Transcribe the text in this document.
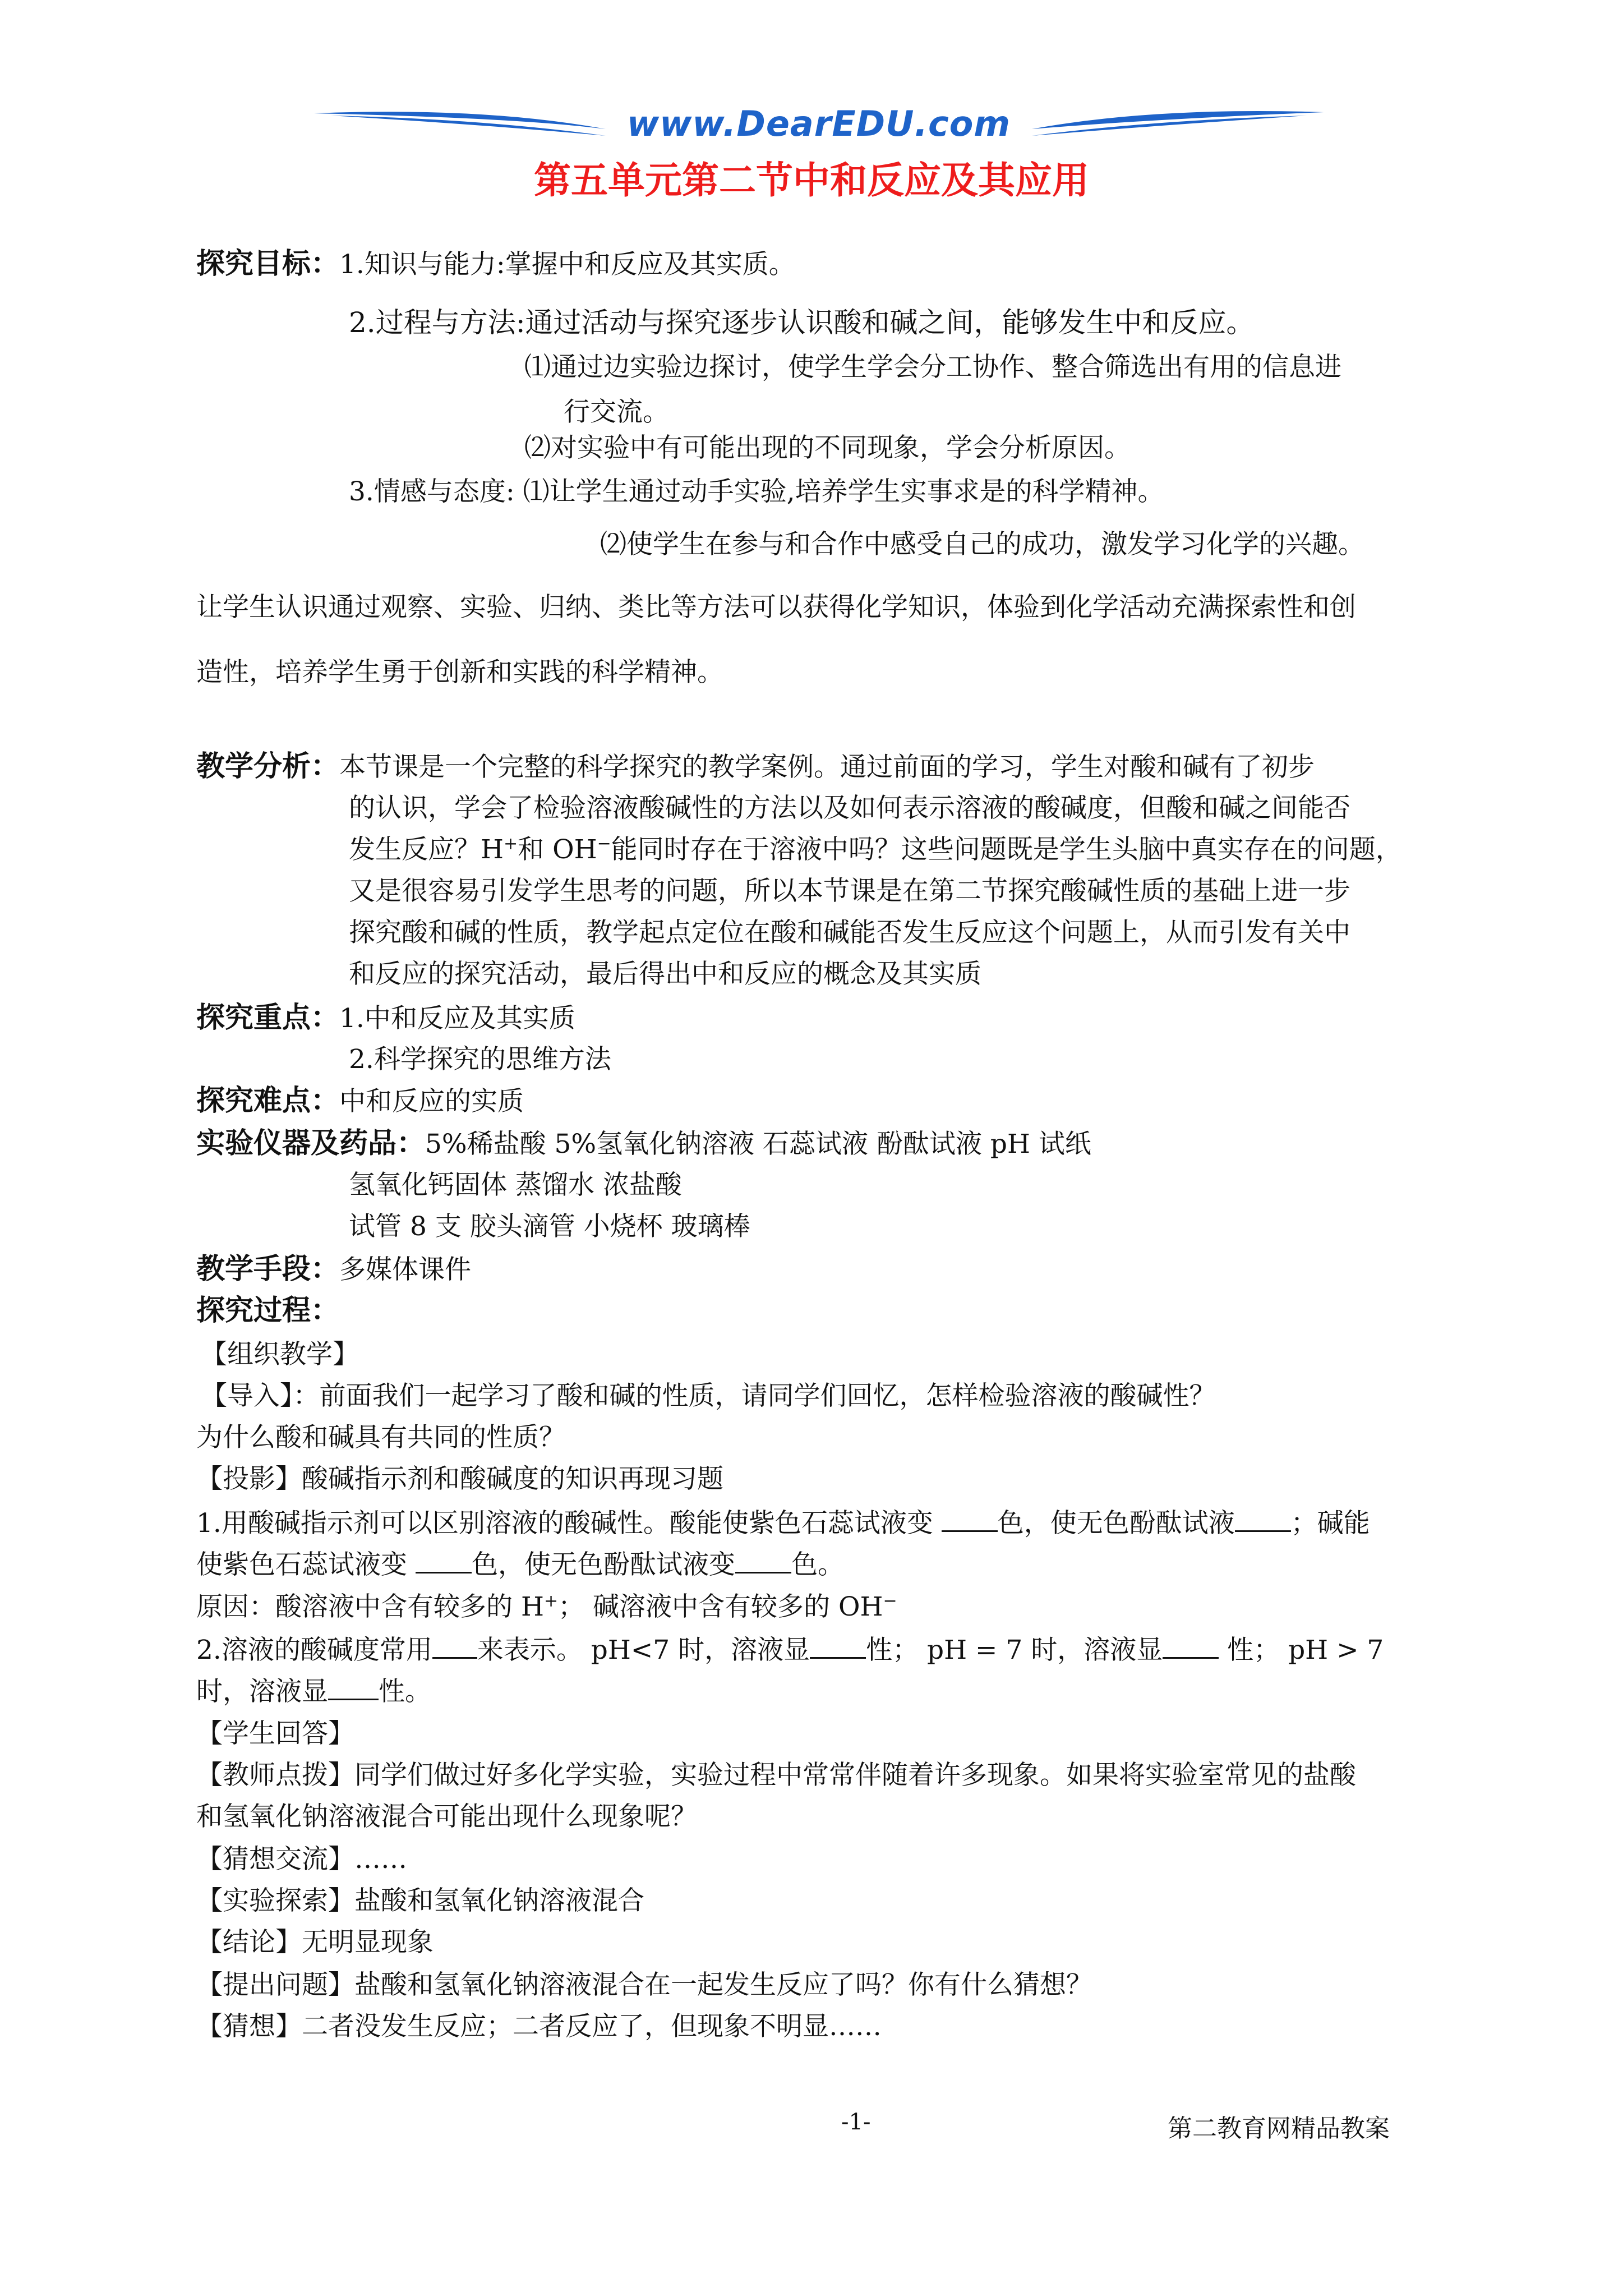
www.DearEDU.com
第五单元第二节中和反应及其应用
探究目标：1.知识与能力:掌握中和反应及其实质。
2.过程与方法:通过活动与探究逐步认识酸和碱之间，能够发生中和反应。
⑴通过边实验边探讨，使学生学会分工协作、整合筛选出有用的信息进
行交流。
⑵对实验中有可能出现的不同现象，学会分析原因。
3.情感与态度: ⑴让学生通过动手实验,培养学生实事求是的科学精神。
⑵使学生在参与和合作中感受自己的成功，激发学习化学的兴趣。
让学生认识通过观察、实验、归纳、类比等方法可以获得化学知识，体验到化学活动充满探索性和创
造性，培养学生勇于创新和实践的科学精神。
教学分析：本节课是一个完整的科学探究的教学案例。通过前面的学习，学生对酸和碱有了初步
的认识，学会了检验溶液酸碱性的方法以及如何表示溶液的酸碱度，但酸和碱之间能否
发生反应？H+和 OH−能同时存在于溶液中吗？这些问题既是学生头脑中真实存在的问题，
又是很容易引发学生思考的问题，所以本节课是在第二节探究酸碱性质的基础上进一步
探究酸和碱的性质，教学起点定位在酸和碱能否发生反应这个问题上，从而引发有关中
和反应的探究活动，最后得出中和反应的概念及其实质
探究重点：1.中和反应及其实质
2.科学探究的思维方法
探究难点：中和反应的实质
实验仪器及药品：5%稀盐酸 5%氢氧化钠溶液 石蕊试液 酚酞试液 pH 试纸
氢氧化钙固体 蒸馏水 浓盐酸
试管 8 支 胶头滴管 小烧杯 玻璃棒
教学手段：多媒体课件
探究过程：
【组织教学】
【导入】：前面我们一起学习了酸和碱的性质，请同学们回忆，怎样检验溶液的酸碱性？
为什么酸和碱具有共同的性质？
【投影】酸碱指示剂和酸碱度的知识再现习题
1.用酸碱指示剂可以区别溶液的酸碱性。酸能使紫色石蕊试液变 色，使无色酚酞试液 ；碱能
使紫色石蕊试液变 色，使无色酚酞试液变 色。
原因：酸溶液中含有较多的 H+； 碱溶液中含有较多的 OH−
2.溶液的酸碱度常用 来表示。 pH<7 时，溶液显 性； pH = 7 时，溶液显 性； pH > 7
时，溶液显 性。
【学生回答】
【教师点拨】同学们做过好多化学实验，实验过程中常常伴随着许多现象。如果将实验室常见的盐酸
和氢氧化钠溶液混合可能出现什么现象呢？
【猜想交流】……
【实验探索】盐酸和氢氧化钠溶液混合
【结论】无明显现象
【提出问题】盐酸和氢氧化钠溶液混合在一起发生反应了吗？你有什么猜想？
【猜想】二者没发生反应；二者反应了，但现象不明显……
-1-	第二教育网精品教案
